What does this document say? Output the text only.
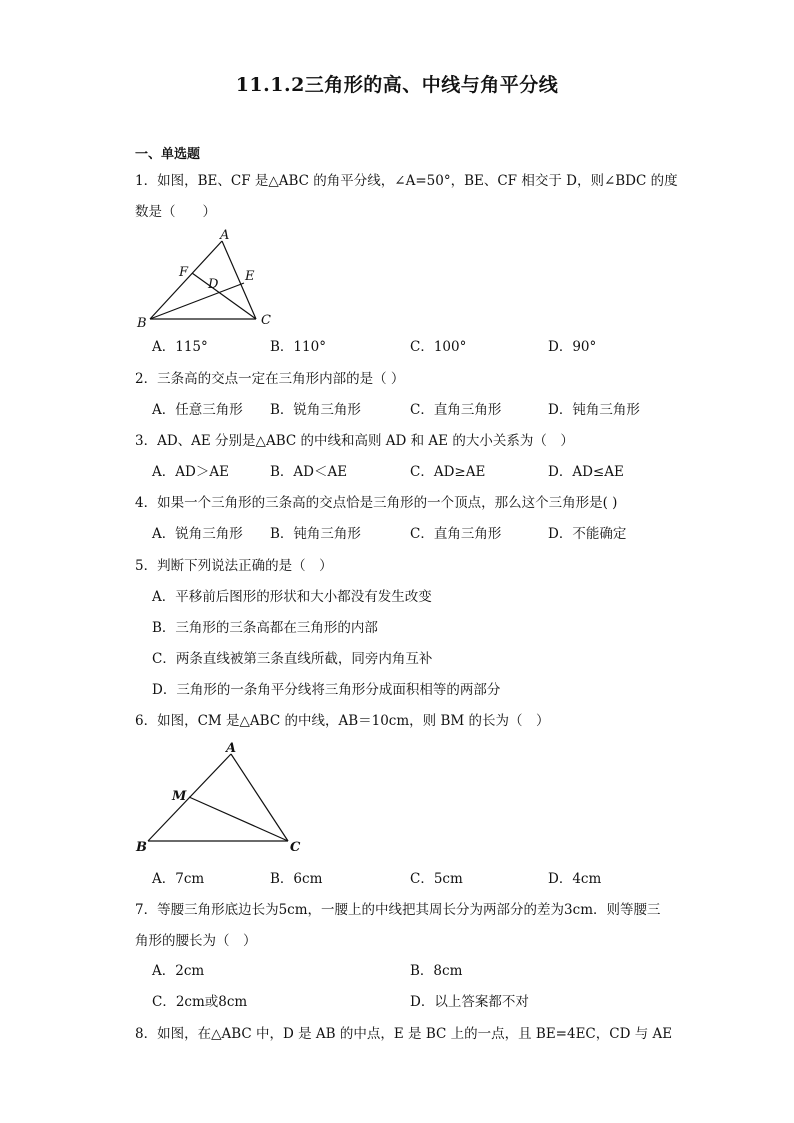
11.1.2三角形的高、中线与角平分线
一、单选题
1．如图，BE、CF 是△ABC 的角平分线，∠A=50°，BE、CF 相交于 D，则∠BDC 的度
数是（　　）
A
B	C
D
E
F
A．115°	B．110°	C．100°	D．90°
2．三条高的交点一定在三角形内部的是（ ）
A．任意三角形 B．锐角三角形	C．直角三角形	D．钝角三角形
3．AD、AE 分别是△ABC 的中线和高则 AD 和 AE 的大小关系为（　）
A．AD＞AE	B．AD＜AE	C．AD≥AE	D．AD≤AE
4．如果一个三角形的三条高的交点恰是三角形的一个顶点，那么这个三角形是( )
A．锐角三角形 B．钝角三角形	C．直角三角形	D．不能确定
5．判断下列说法正确的是（　）
A．平移前后图形的形状和大小都没有发生改变
B．三角形的三条高都在三角形的内部
C．两条直线被第三条直线所截，同旁内角互补
D．三角形的一条角平分线将三角形分成面积相等的两部分
6．如图，CM 是△ABC 的中线，AB＝10cm，则 BM 的长为（　）
A
B	C
M
A．7cm	B．6cm	C．5cm	D．4cm
7．等腰三角形底边长为5cm，一腰上的中线把其周长分为两部分的差为3cm．则等腰三
角形的腰长为（　）
A．2cm	B．8cm
C．2cm或8cm	D．以上答案都不对
8．如图，在△ABC 中，D 是 AB 的中点，E 是 BC 上的一点，且 BE=4EC，CD 与 AE
